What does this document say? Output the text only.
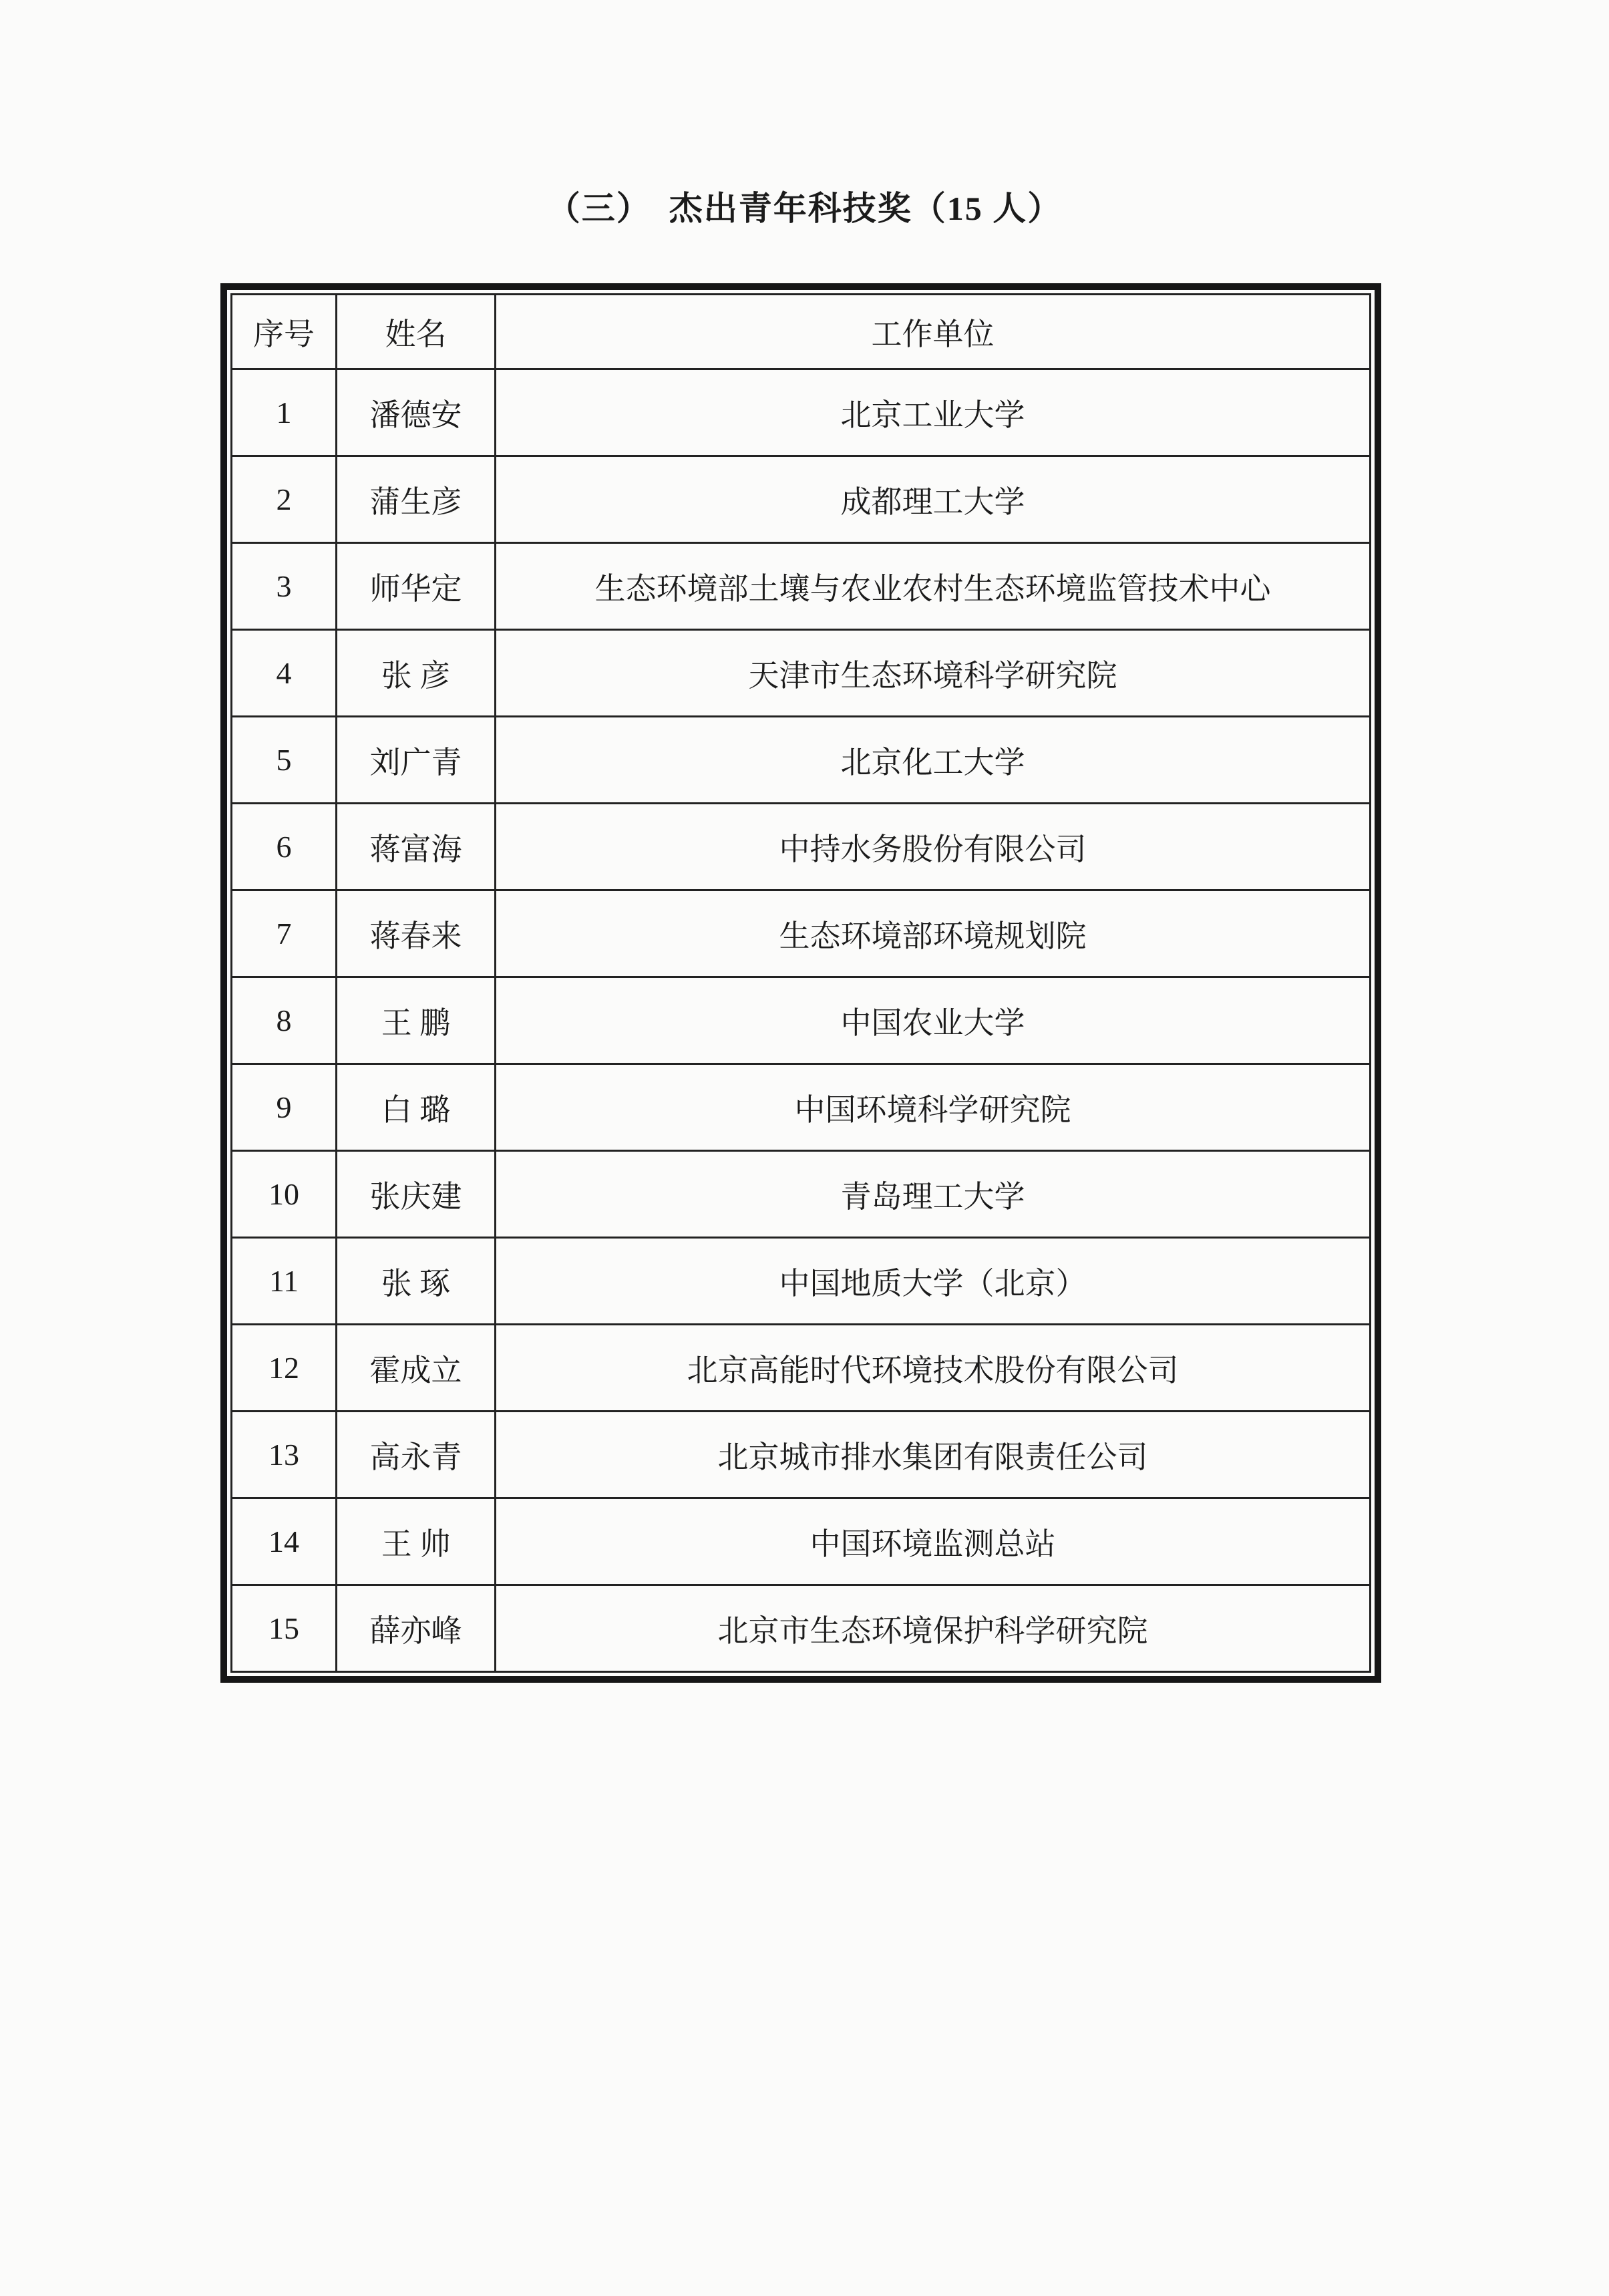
（三）　杰出青年科技奖（15 人）
序号	姓名	工作单位
1	潘德安	北京工业大学
2	蒲生彦	成都理工大学
3	师华定	生态环境部土壤与农业农村生态环境监管技术中心
4	张 彦	天津市生态环境科学研究院
5	刘广青	北京化工大学
6	蒋富海	中持水务股份有限公司
7	蒋春来	生态环境部环境规划院
8	王 鹏	中国农业大学
9	白 璐	中国环境科学研究院
10	张庆建	青岛理工大学
11	张 琢	中国地质大学（北京）
12	霍成立	北京高能时代环境技术股份有限公司
13	高永青	北京城市排水集团有限责任公司
14	王 帅	中国环境监测总站
15	薛亦峰	北京市生态环境保护科学研究院
